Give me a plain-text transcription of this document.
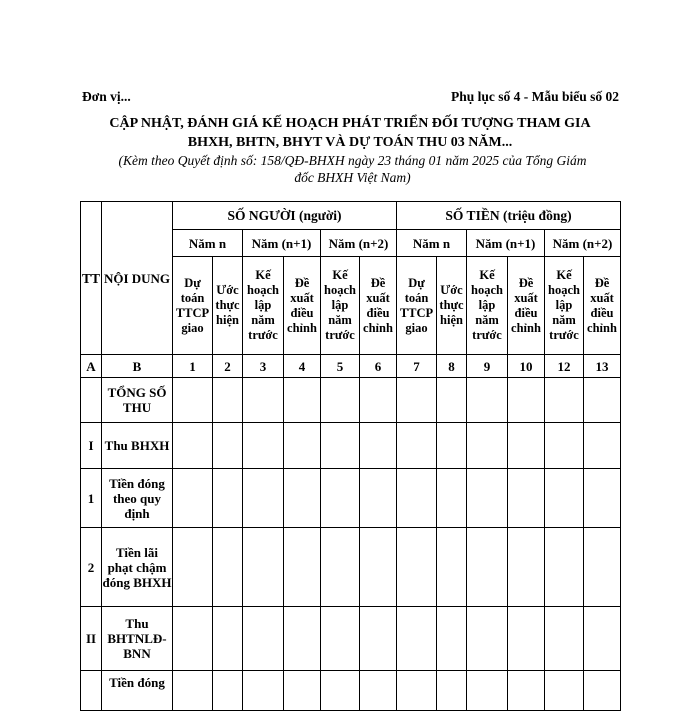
Đơn vị...	Phụ lục số 4 - Mẫu biểu số 02
CẬP NHẬT, ĐÁNH GIÁ KẾ HOẠCH PHÁT TRIỂN ĐỐI TƯỢNG THAM GIA
BHXH, BHTN, BHYT VÀ DỰ TOÁN THU 03 NĂM...
(Kèm theo Quyết định số: 158/QĐ-BHXH ngày 23 tháng 01 năm 2025 của Tổng Giám
đốc BHXH Việt Nam)
TT	NỘI DUNG	SỐ NGƯỜI (người)						SỐ TIỀN (triệu đồng)					
		Năm n		Năm (n+1)		Năm (n+2)		Năm n		Năm (n+1)		Năm (n+2)	
		Dự toán TTCP giao	Ước thực hiện	Kế hoạch lập năm trước	Đề xuất điều chỉnh	Kế hoạch lập năm trước	Đề xuất điều chỉnh	Dự toán TTCP giao	Ước thực hiện	Kế hoạch lập năm trước	Đề xuất điều chỉnh	Kế hoạch lập năm trước	Đề xuất điều chỉnh
A	B	1	2	3	4	5	6	7	8	9	10	12	13
	TỔNG SỐ THU												
I	Thu BHXH												
1	Tiền đóng theo quy định												
2	Tiền lãi phạt chậm đóng BHXH												
II	Thu BHTNLĐ-BNN												
	Tiền đóng												
